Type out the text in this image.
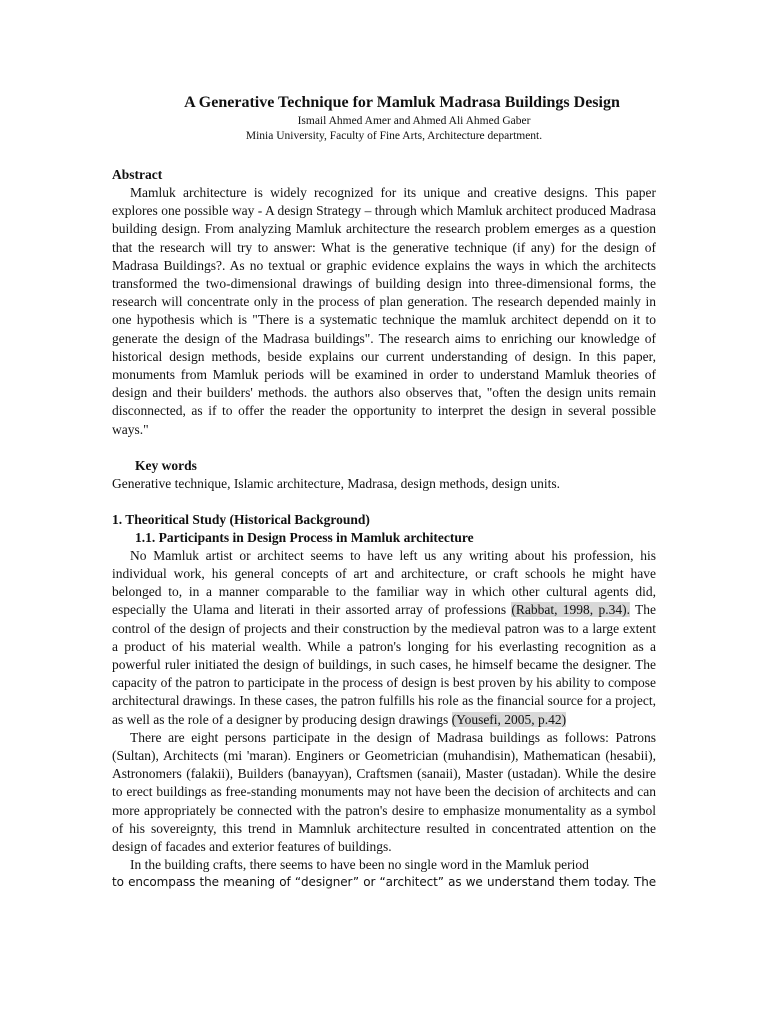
A Generative Technique for Mamluk Madrasa Buildings Design
Ismail Ahmed Amer and Ahmed Ali Ahmed Gaber
Minia University, Faculty of Fine Arts, Architecture department.
Abstract

Mamluk architecture is widely recognized for its unique and creative designs. This paper explores one possible way - A design Strategy – through which Mamluk architect produced Madrasa building design. From analyzing Mamluk architecture the research problem emerges as a question that the research will try to answer: What is the generative technique (if any) for the design of Madrasa Buildings?. As no textual or graphic evidence explains the ways in which the architects transformed the two-dimensional drawings of building design into three-dimensional forms, the research will concentrate only in the process of plan generation. The research depended mainly in one hypothesis which is "There is a systematic technique the mamluk architect dependd on it to generate the design of the Madrasa buildings". The research aims to enriching our knowledge of historical design methods, beside explains our current understanding of design. In this paper, monuments from Mamluk periods will be examined in order to understand Mamluk theories of design and their builders' methods. the authors also observes that, "often the design units remain disconnected, as if to offer the reader the opportunity to interpret the design in several possible ways."

Key words
Generative technique, Islamic architecture, Madrasa, design methods, design units.
1. Theoritical Study (Historical Background)
1.1. Participants in Design Process in Mamluk architecture

No Mamluk artist or architect seems to have left us any writing about his profession, his individual work, his general concepts of art and architecture, or craft schools he might have belonged to, in a manner comparable to the familiar way in which other cultural agents did, especially the Ulama and literati in their assorted array of professions (Rabbat, 1998, p.34). The control of the design of projects and their construction by the medieval patron was to a large extent a product of his material wealth. While a patron's longing for his everlasting recognition as a powerful ruler initiated the design of buildings, in such cases, he himself became the designer. The capacity of the patron to participate in the process of design is best proven by his ability to compose architectural drawings. In these cases, the patron fulfills his role as the financial source for a project, as well as the role of a designer by producing design drawings (Yousefi, 2005, p.42)

There are eight persons participate in the design of Madrasa buildings as follows: Patrons (Sultan), Architects (mi 'maran). Enginers or Geometrician (muhandisin), Mathematican (hesabii), Astronomers (falakii), Builders (banayyan), Craftsmen (sanaii), Master (ustadan). While the desire to erect buildings as free-standing monuments may not have been the decision of architects and can more appropriately be connected with the patron's desire to emphasize monumentality as a symbol of his sovereignty, this trend in Mamnluk architecture resulted in concentrated attention on the design of facades and exterior features of buildings.

In the building crafts, there seems to have been no single word in the Mamluk period

to encompass the meaning of “designer” or “architect” as we understand them today. The
